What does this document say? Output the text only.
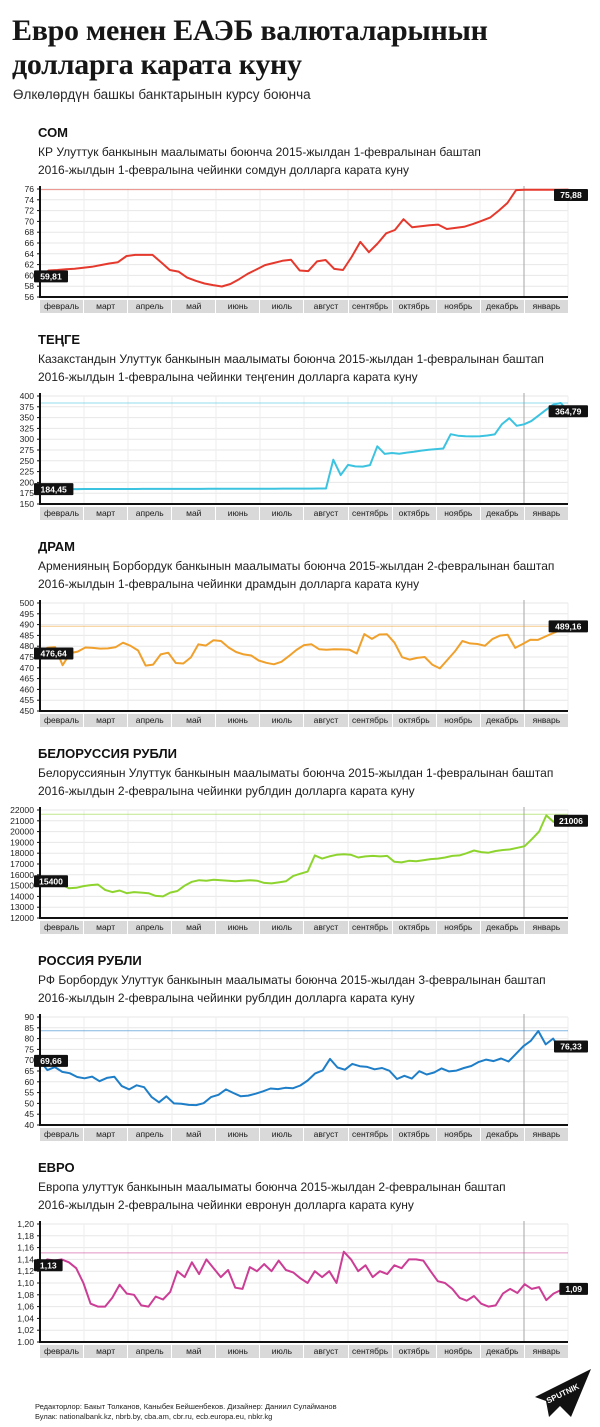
Евро менен ЕАЭБ валюталарынын
долларга карата куну

Өлкөлөрдүн башкы банктарынын курсу боюнча

СОМ

КР Улуттук банкынын маалыматы боюнча 2015-жылдан 1-февралынан баштап

2016-жылдын 1-февралына чейинки сомдун долларга карата куну

76
74
72
70
68
66
64
62
60
58
56
59,81
75,88
февраль	март	апрель	май	июнь	июль	август	сентябрь	октябрь	ноябрь	декабрь	январь
ТЕҢГЕ

Казакстандын Улуттук банкынын маалыматы боюнча 2015-жылдан 1-февралынан баштап

2016-жылдын 1-февралына чейинки теңгенин долларга карата куну

400
375
350
325
300
275
250
225
200
175
150
184,45
364,79
февраль	март	апрель	май	июнь	июль	август	сентябрь	октябрь	ноябрь	декабрь	январь
ДРАМ

Арменияның Борбордук банкынын маалыматы боюнча 2015-жылдан 2-февралынан баштап

2016-жылдын 1-февралына чейинки драмдын долларга карата куну

500
495
490
485
480
475
470
465
460
455
450
476,64
489,16
февраль	март	апрель	май	июнь	июль	август	сентябрь	октябрь	ноябрь	декабрь	январь
БЕЛОРУССИЯ РУБЛИ

Белоруссиянын Улуттук банкынын маалыматы боюнча 2015-жылдан 1-февралынан баштап

2016-жылдын 2-февралына чейинки рублдин долларга карата куну

22000
21000
20000
19000
18000
17000
16000
15000
14000
13000
12000
15400
21006
февраль	март	апрель	май	июнь	июль	август	сентябрь	октябрь	ноябрь	декабрь	январь
РОССИЯ РУБЛИ

РФ Борбордук Улуттук банкынын маалыматы боюнча 2015-жылдан 3-февралынан баштап

2016-жылдын 2-февралына чейинки рублдин долларга карата куну

90
85
80
75
70
65
60
55
50
45
40
69,66
76,33
февраль	март	апрель	май	июнь	июль	август	сентябрь	октябрь	ноябрь	декабрь	январь
ЕВРО

Европа улуттук банкынын маалыматы боюнча 2015-жылдан 2-февралынан баштап

2016-жылдын 2-февралына чейинки евронун долларга карата куну

1,20
1,18
1,16
1,14
1,12
1,10
1,08
1,06
1,04
1,02
1,00
1,13
1,09
февраль	март	апрель	май	июнь	июль	август	сентябрь	октябрь	ноябрь	декабрь	январь

Редакторлор: Бакыт Толканов, Каныбек Бейшенбеков. Дизайнер: Даниил Сулайманов

Булак: nationalbank.kz, nbrb.by, cba.am, cbr.ru, ecb.europa.eu, nbkr.kg

SPUTNIK
